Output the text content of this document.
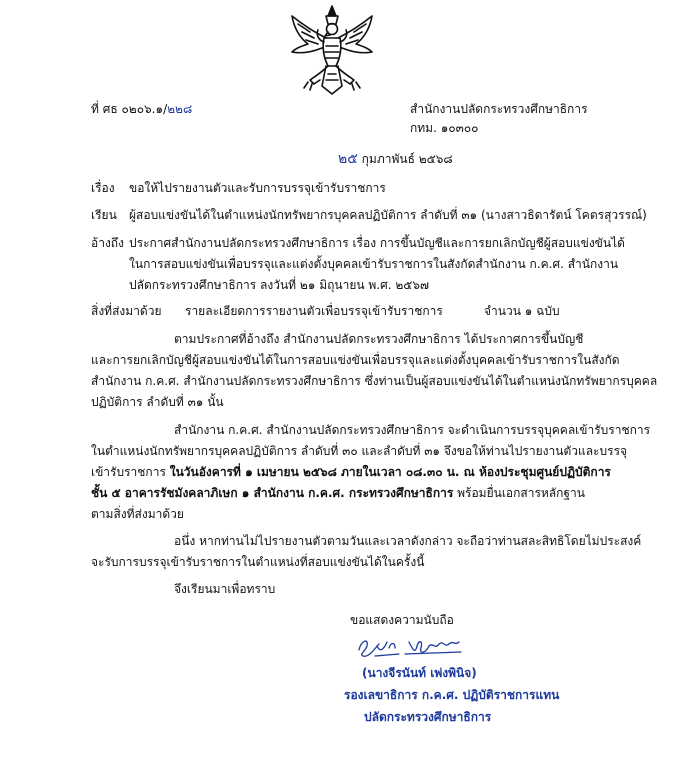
ที่ ศธ ๐๒๐๖.๑/๒๒๘	สำนักงานปลัดกระทรวงศึกษาธิการ
กทม. ๑๐๓๐๐
๒๕ กุมภาพันธ์ ๒๕๖๘
เรื่อง ขอให้ไปรายงานตัวและรับการบรรจุเข้ารับราชการ
เรียน ผู้สอบแข่งขันได้ในตำแหน่งนักทรัพยากรบุคคลปฏิบัติการ ลำดับที่ ๓๑ (นางสาวธิดารัตน์ โคตรสุวรรณ์)
อ้างถึง ประกาศสำนักงานปลัดกระทรวงศึกษาธิการ เรื่อง การขึ้นบัญชีและการยกเลิกบัญชีผู้สอบแข่งขันได้
ในการสอบแข่งขันเพื่อบรรจุและแต่งตั้งบุคคลเข้ารับราชการในสังกัดสำนักงาน ก.ค.ศ. สำนักงาน
ปลัดกระทรวงศึกษาธิการ ลงวันที่ ๒๑ มิถุนายน พ.ศ. ๒๕๖๗
สิ่งที่ส่งมาด้วย รายละเอียดการรายงานตัวเพื่อบรรจุเข้ารับราชการ	จำนวน ๑ ฉบับ
ตามประกาศที่อ้างถึง สำนักงานปลัดกระทรวงศึกษาธิการ ได้ประกาศการขึ้นบัญชี
และการยกเลิกบัญชีผู้สอบแข่งขันได้ในการสอบแข่งขันเพื่อบรรจุและแต่งตั้งบุคคลเข้ารับราชการในสังกัด
สำนักงาน ก.ค.ศ. สำนักงานปลัดกระทรวงศึกษาธิการ ซึ่งท่านเป็นผู้สอบแข่งขันได้ในตำแหน่งนักทรัพยากรบุคคล
ปฏิบัติการ ลำดับที่ ๓๑ นั้น
สำนักงาน ก.ค.ศ. สำนักงานปลัดกระทรวงศึกษาธิการ จะดำเนินการบรรจุบุคคลเข้ารับราชการ
ในตำแหน่งนักทรัพยากรบุคคลปฏิบัติการ ลำดับที่ ๓๐ และลำดับที่ ๓๑ จึงขอให้ท่านไปรายงานตัวและบรรจุ
เข้ารับราชการ ในวันอังคารที่ ๑ เมษายน ๒๕๖๘ ภายในเวลา ๐๘.๓๐ น. ณ ห้องประชุมศูนย์ปฏิบัติการ
ชั้น ๕ อาคารรัชมังคลาภิเษก ๑ สำนักงาน ก.ค.ศ. กระทรวงศึกษาธิการ พร้อมยื่นเอกสารหลักฐาน
ตามสิ่งที่ส่งมาด้วย
อนึ่ง หากท่านไม่ไปรายงานตัวตามวันและเวลาดังกล่าว จะถือว่าท่านสละสิทธิโดยไม่ประสงค์
จะรับการบรรจุเข้ารับราชการในตำแหน่งที่สอบแข่งขันได้ในครั้งนี้
จึงเรียนมาเพื่อทราบ
ขอแสดงความนับถือ
(นางจีรนันท์ เพ่งพินิจ)
รองเลขาธิการ ก.ค.ศ. ปฏิบัติราชการแทน
ปลัดกระทรวงศึกษาธิการ
